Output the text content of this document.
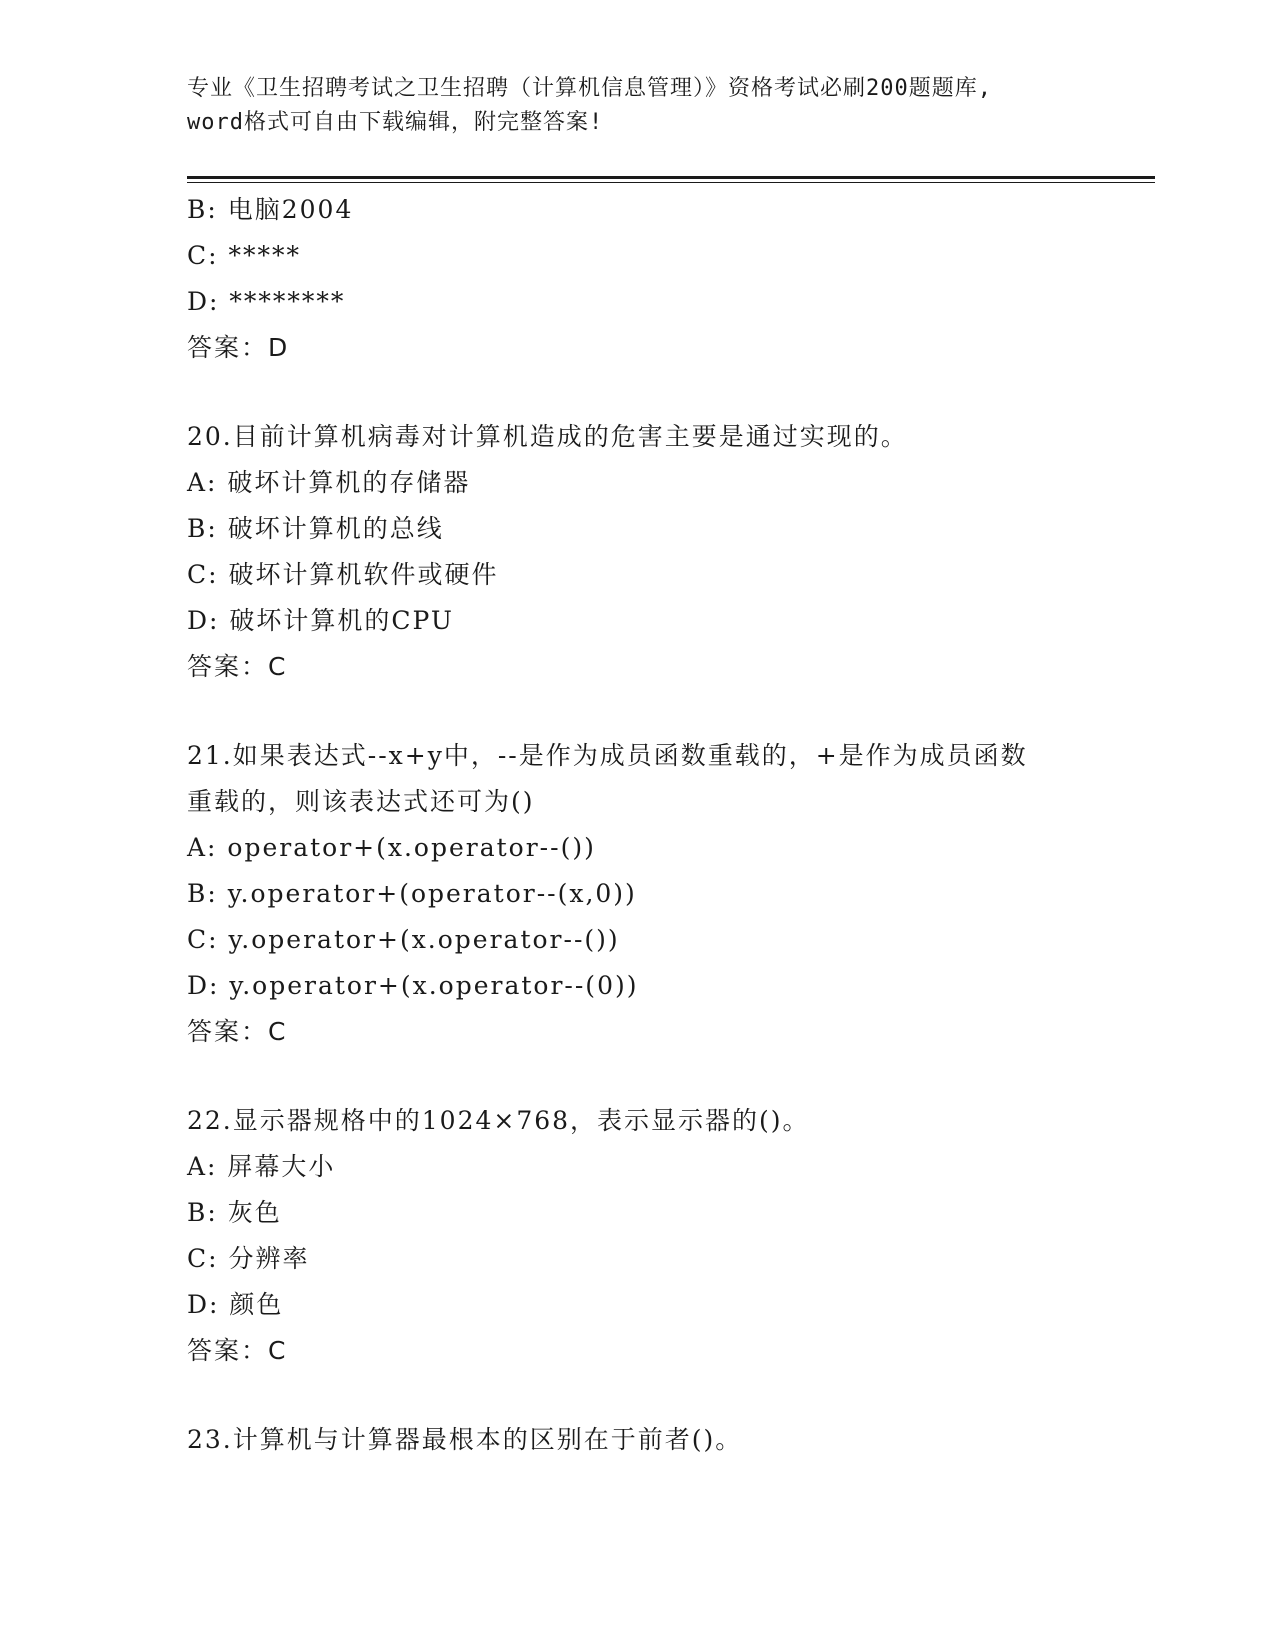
专业《卫生招聘考试之卫生招聘（计算机信息管理）》资格考试必刷200题题库,
word格式可自由下载编辑，附完整答案!
B: 电脑2004
C: *****
D: ********
答案：D
20.目前计算机病毒对计算机造成的危害主要是通过实现的。
A: 破坏计算机的存储器
B: 破坏计算机的总线
C: 破坏计算机软件或硬件
D: 破坏计算机的CPU
答案：C
21.如果表达式--x+y中，--是作为成员函数重载的，+是作为成员函数
重载的，则该表达式还可为()
A: operator+(x.operator--())
B: y.operator+(operator--(x,0))
C: y.operator+(x.operator--())
D: y.operator+(x.operator--(0))
答案：C
22.显示器规格中的1024×768，表示显示器的()。
A: 屏幕大小
B: 灰色
C: 分辨率
D: 颜色
答案：C
23.计算机与计算器最根本的区别在于前者()。
